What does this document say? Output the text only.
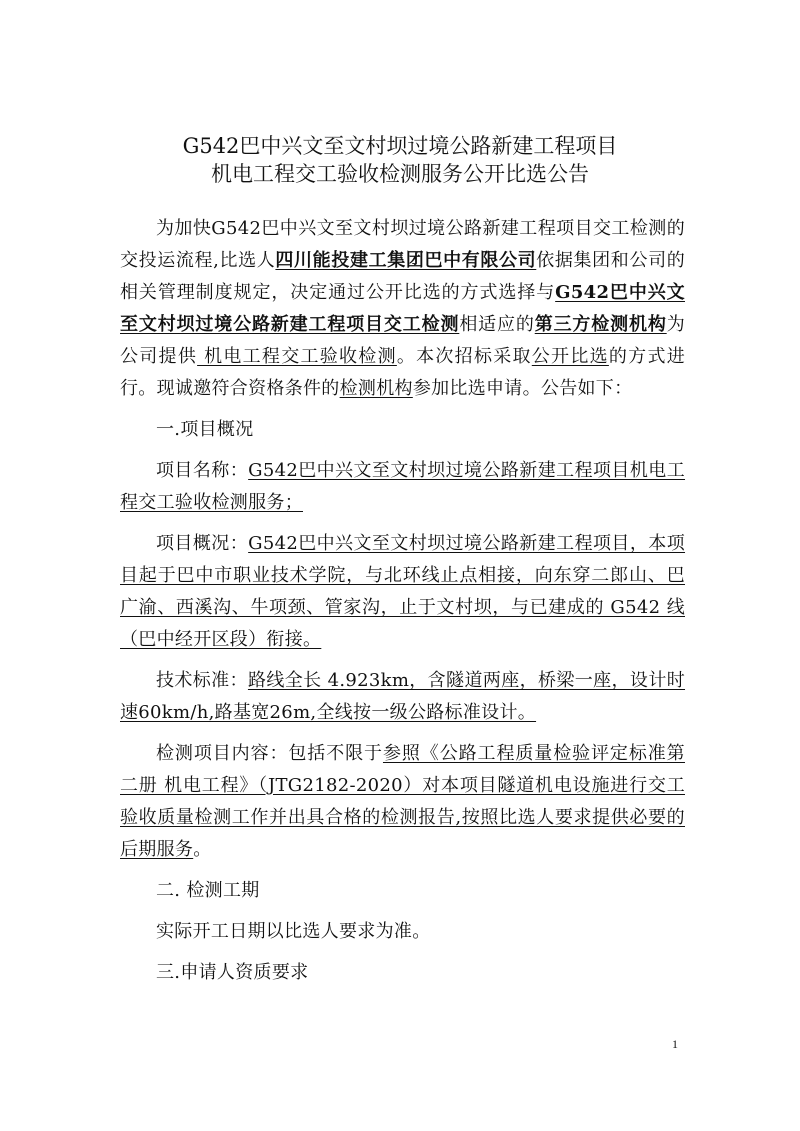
G542巴中兴文至文村坝过境公路新建工程项目
机电工程交工验收检测服务公开比选公告

为加快G542巴中兴文至文村坝过境公路新建工程项目交工检测的交投运流程,比选人四川能投建工集团巴中有限公司依据集团和公司的相关管理制度规定，决定通过公开比选的方式选择与G542巴中兴文至文村坝过境公路新建工程项目交工检测相适应的第三方检测机构为公司提供 机电工程交工验收检测。本次招标采取公开比选的方式进行。现诚邀符合资格条件的检测机构参加比选申请。公告如下：

一.项目概况

项目名称：G542巴中兴文至文村坝过境公路新建工程项目机电工程交工验收检测服务；

项目概况：G542巴中兴文至文村坝过境公路新建工程项目，本项目起于巴中市职业技术学院，与北环线止点相接，向东穿二郎山、巴广渝、西溪沟、牛项颈、管家沟，止于文村坝，与已建成的 G542 线（巴中经开区段）衔接。

技术标准：路线全长 4.923km，含隧道两座，桥梁一座，设计时速60km/h,路基宽26m,全线按一级公路标准设计。

检测项目内容：包括不限于参照《公路工程质量检验评定标准第二册 机电工程》（JTG2182-2020）对本项目隧道机电设施进行交工验收质量检测工作并出具合格的检测报告,按照比选人要求提供必要的后期服务。

二. 检测工期

实际开工日期以比选人要求为准。

三.申请人资质要求

1
